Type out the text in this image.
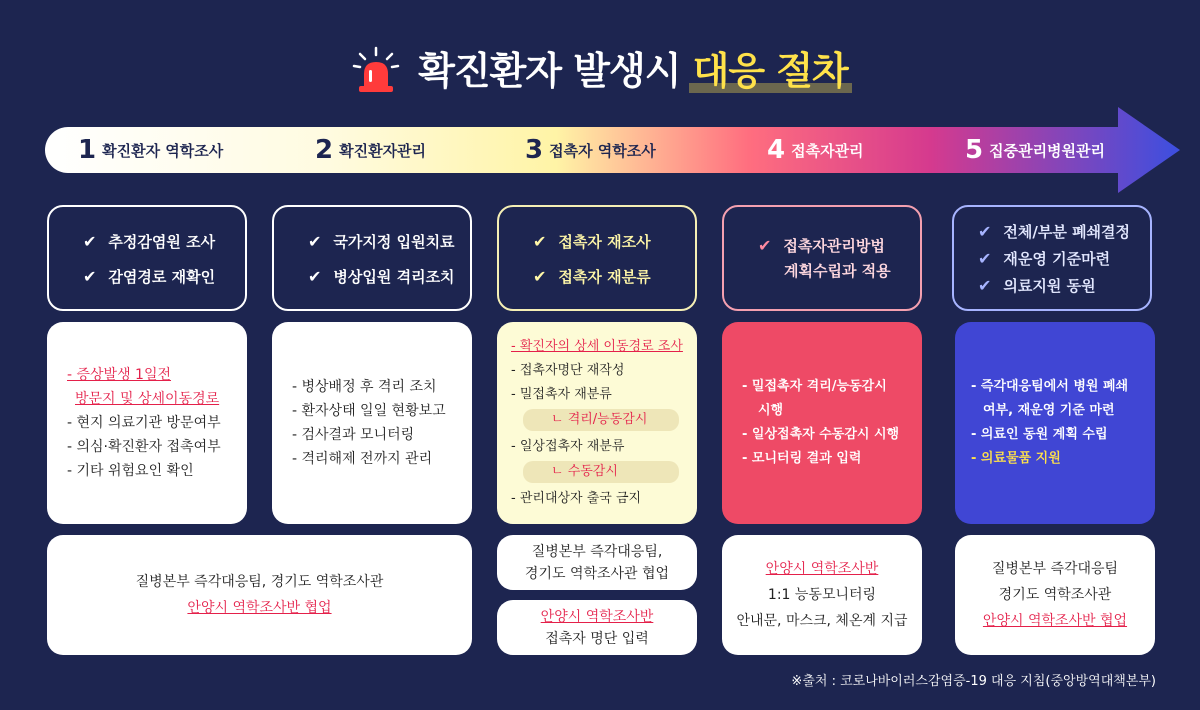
확진환자 발생시 대응 절차
1 확진환자 역학조사	2 확진환자관리	3 접촉자 역학조사	4 접촉자관리	5 집중관리병원관리
✔ 추정감염원 조사
✔ 감염경로 재확인
✔ 국가지정 입원치료
✔ 병상입원 격리조치
✔ 접촉자 재조사
✔ 접촉자 재분류
✔ 접촉자관리방법
계획수립과 적용
✔ 전체/부분 폐쇄결정
✔ 재운영 기준마련
✔ 의료지원 동원
- 증상발생 1일전
방문지 및 상세이동경로
- 현지 의료기관 방문여부
- 의심·확진환자 접촉여부
- 기타 위험요인 확인
- 병상배정 후 격리 조치
- 환자상태 일일 현황보고
- 검사결과 모니터링
- 격리해제 전까지 관리
- 확진자의 상세 이동경로 조사
- 접촉자명단 재작성
- 밀접촉자 재분류
ㄴ 격리/능동감시
- 일상접촉자 재분류
ㄴ 수동감시
- 관리대상자 출국 금지
- 밀접촉자 격리/능동감시
시행
- 일상접촉자 수동감시 시행
- 모니터링 결과 입력
- 즉각대응팀에서 병원 폐쇄
여부, 재운영 기준 마련
- 의료인 동원 계획 수립
- 의료물품 지원
질병본부 즉각대응팀, 경기도 역학조사관
안양시 역학조사반 협업
질병본부 즉각대응팀,
경기도 역학조사관 협업
안양시 역학조사반
접촉자 명단 입력
안양시 역학조사반
1:1 능동모니터링
안내문, 마스크, 체온계 지급
질병본부 즉각대응팀
경기도 역학조사관
안양시 역학조사반 협업
※출처 : 코로나바이러스감염증-19 대응 지침(중앙방역대책본부)
